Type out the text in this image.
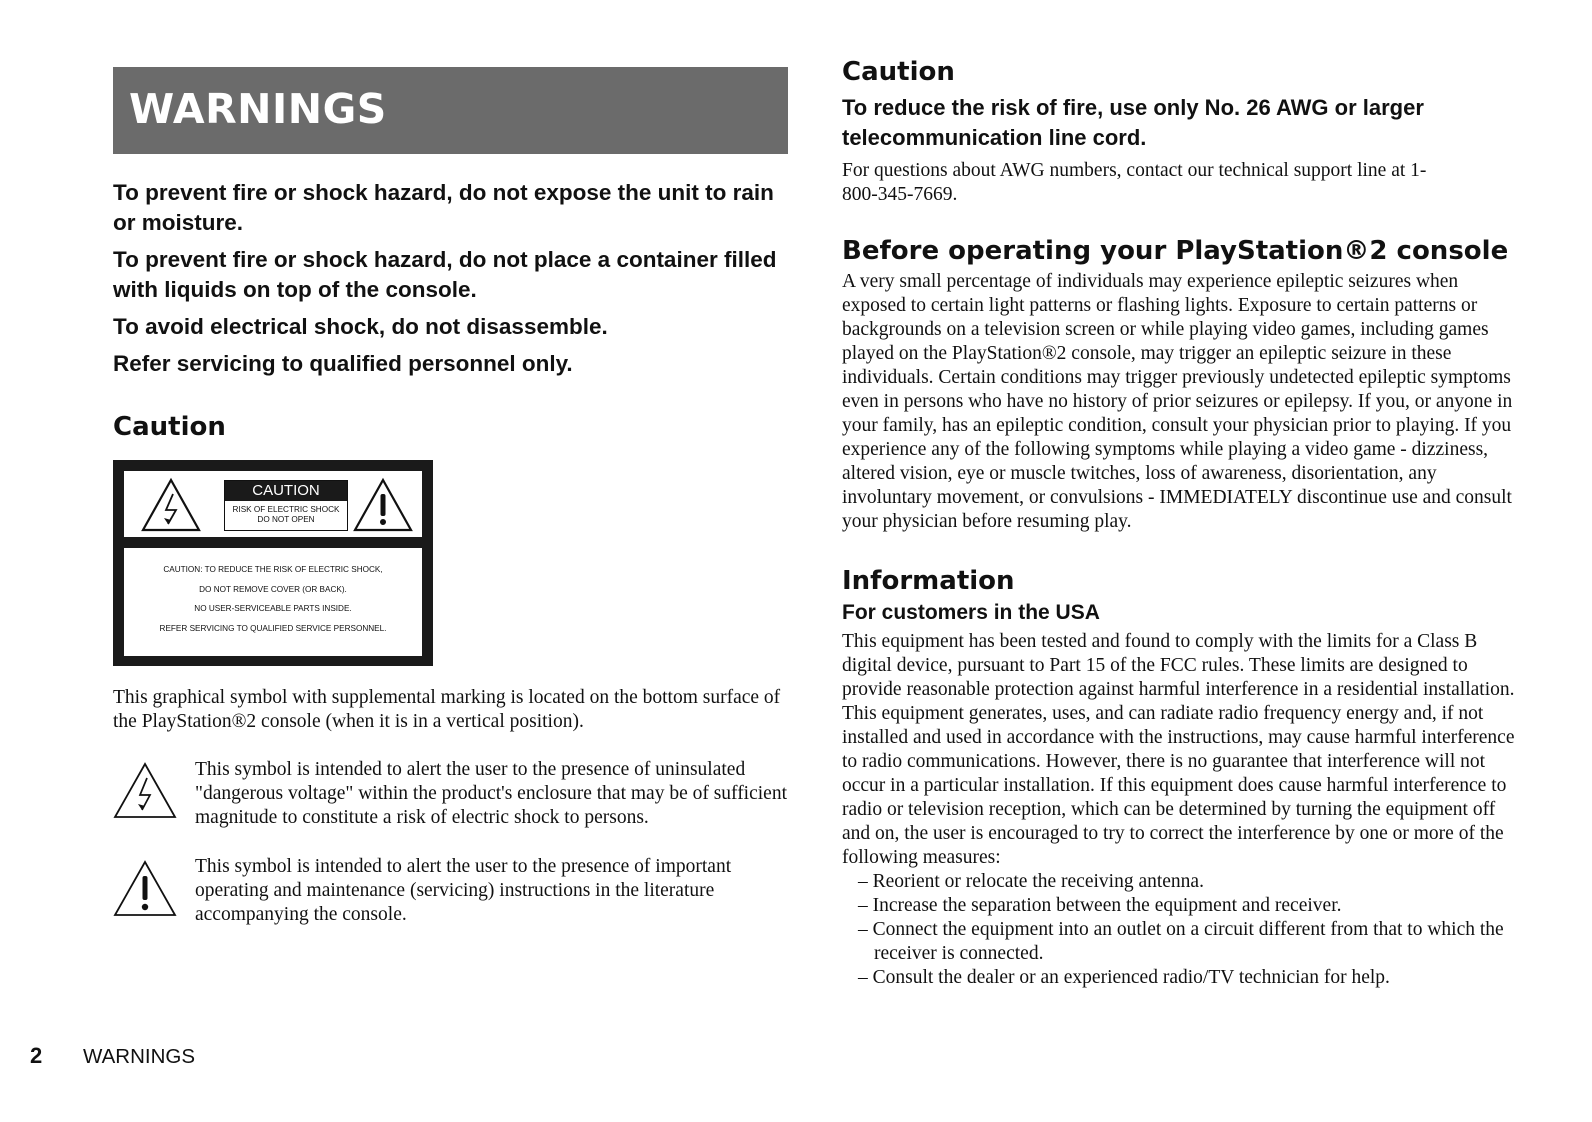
WARNINGS

To prevent fire or shock hazard, do not expose the unit to rain or moisture.

To prevent fire or shock hazard, do not place a container filled with liquids on top of the console.

To avoid electrical shock, do not disassemble.

Refer servicing to qualified personnel only.

Caution
CAUTION
RISK OF ELECTRIC SHOCK
DO NOT OPEN
CAUTION: TO REDUCE THE RISK OF ELECTRIC SHOCK,
DO NOT REMOVE COVER (OR BACK).
NO USER-SERVICEABLE PARTS INSIDE.
REFER SERVICING TO QUALIFIED SERVICE PERSONNEL.
This graphical symbol with supplemental marking is located on the bottom surface of the PlayStation®2 console (when it is in a vertical position).
This symbol is intended to alert the user to the presence of uninsulated "dangerous voltage" within the product's enclosure that may be of sufficient magnitude to constitute a risk of electric shock to persons.
This symbol is intended to alert the user to the presence of important operating and maintenance (servicing) instructions in the literature accompanying the console.
Caution
To reduce the risk of fire, use only No. 26 AWG or larger telecommunication line cord.
For questions about AWG numbers, contact our technical support line at 1-800-345-7669.
Before operating your PlayStation®2 console
A very small percentage of individuals may experience epileptic seizures when exposed to certain light patterns or flashing lights. Exposure to certain patterns or backgrounds on a television screen or while playing video games, including games played on the PlayStation®2 console, may trigger an epileptic seizure in these individuals. Certain conditions may trigger previously undetected epileptic symptoms even in persons who have no history of prior seizures or epilepsy. If you, or anyone in your family, has an epileptic condition, consult your physician prior to playing. If you experience any of the following symptoms while playing a video game - dizziness, altered vision, eye or muscle twitches, loss of awareness, disorientation, any involuntary movement, or convulsions - IMMEDIATELY discontinue use and consult your physician before resuming play.
Information
For customers in the USA
This equipment has been tested and found to comply with the limits for a Class B digital device, pursuant to Part 15 of the FCC rules. These limits are designed to provide reasonable protection against harmful interference in a residential installation. This equipment generates, uses, and can radiate radio frequency energy and, if not installed and used in accordance with the instructions, may cause harmful interference to radio communications. However, there is no guarantee that interference will not occur in a particular installation. If this equipment does cause harmful interference to radio or television reception, which can be determined by turning the equipment off and on, the user is encouraged to try to correct the interference by one or more of the following measures:
– Reorient or relocate the receiving antenna.
– Increase the separation between the equipment and receiver.
– Connect the equipment into an outlet on a circuit different from that to which the receiver is connected.
– Consult the dealer or an experienced radio/TV technician for help.
2 WARNINGS
